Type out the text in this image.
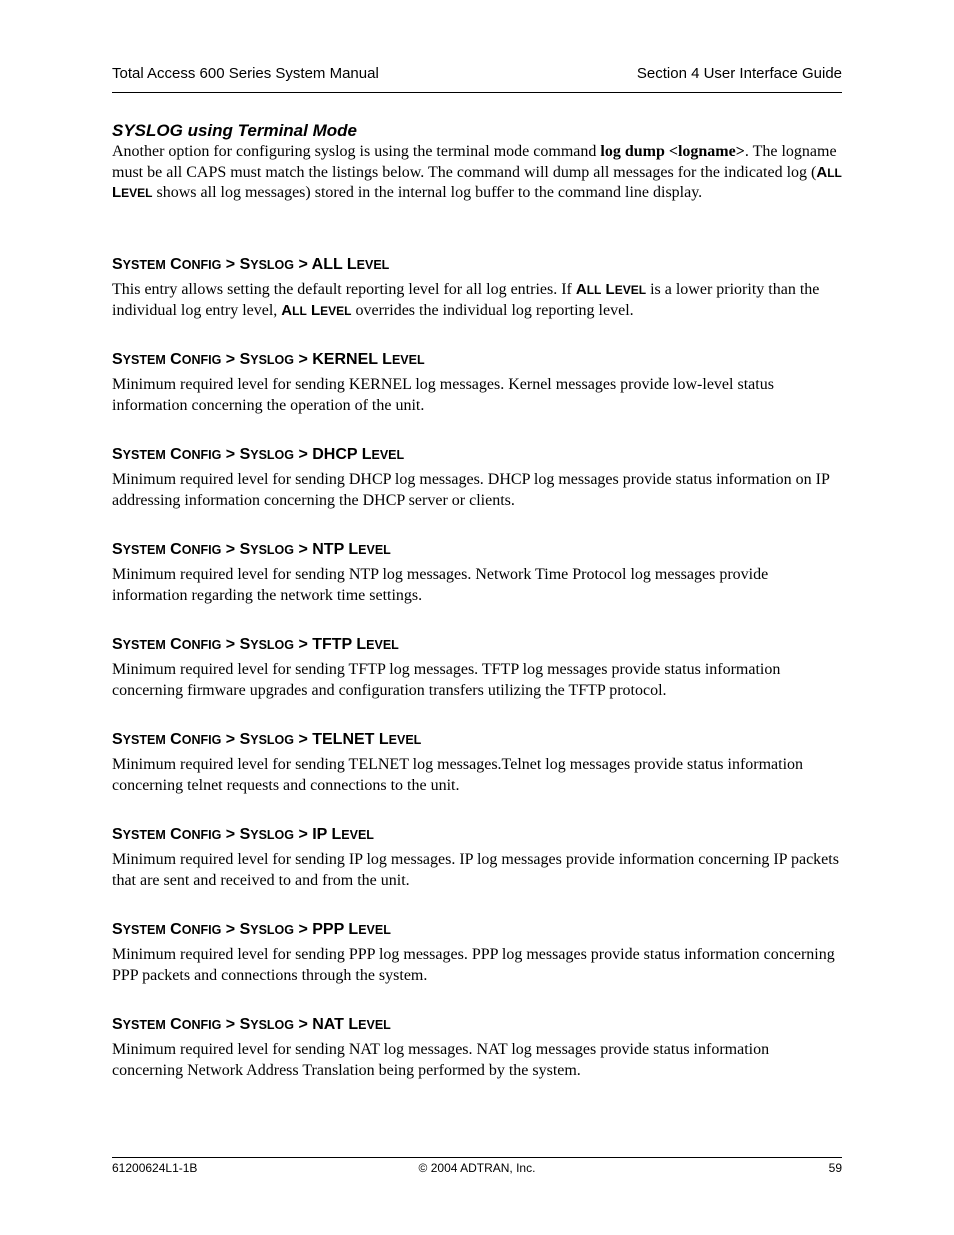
Total Access 600 Series System Manual	Section 4 User Interface Guide
SYSLOG using Terminal Mode

Another option for configuring syslog is using the terminal mode command log dump <logname>. The logname must be all CAPS must match the listings below. The command will dump all messages for the indicated log (ALL LEVEL shows all log messages) stored in the internal log buffer to the command line display.

SYSTEM CONFIG > SYSLOG > ALL LEVEL

This entry allows setting the default reporting level for all log entries. If ALL LEVEL is a lower priority than the individual log entry level, ALL LEVEL overrides the individual log reporting level.

SYSTEM CONFIG > SYSLOG > KERNEL LEVEL

Minimum required level for sending KERNEL log messages. Kernel messages provide low-level status information concerning the operation of the unit.

SYSTEM CONFIG > SYSLOG > DHCP LEVEL

Minimum required level for sending DHCP log messages. DHCP log messages provide status information on IP addressing information concerning the DHCP server or clients.

SYSTEM CONFIG > SYSLOG > NTP LEVEL

Minimum required level for sending NTP log messages. Network Time Protocol log messages provide information regarding the network time settings.

SYSTEM CONFIG > SYSLOG > TFTP LEVEL

Minimum required level for sending TFTP log messages. TFTP log messages provide status information concerning firmware upgrades and configuration transfers utilizing the TFTP protocol.

SYSTEM CONFIG > SYSLOG > TELNET LEVEL

Minimum required level for sending TELNET log messages.Telnet log messages provide status information concerning telnet requests and connections to the unit.

SYSTEM CONFIG > SYSLOG > IP LEVEL

Minimum required level for sending IP log messages. IP log messages provide information concerning IP packets that are sent and received to and from the unit.

SYSTEM CONFIG > SYSLOG > PPP LEVEL

Minimum required level for sending PPP log messages. PPP log messages provide status information concerning PPP packets and connections through the system.

SYSTEM CONFIG > SYSLOG > NAT LEVEL

Minimum required level for sending NAT log messages. NAT log messages provide status information concerning Network Address Translation being performed by the system.

61200624L1-1B	© 2004 ADTRAN, Inc.	59
